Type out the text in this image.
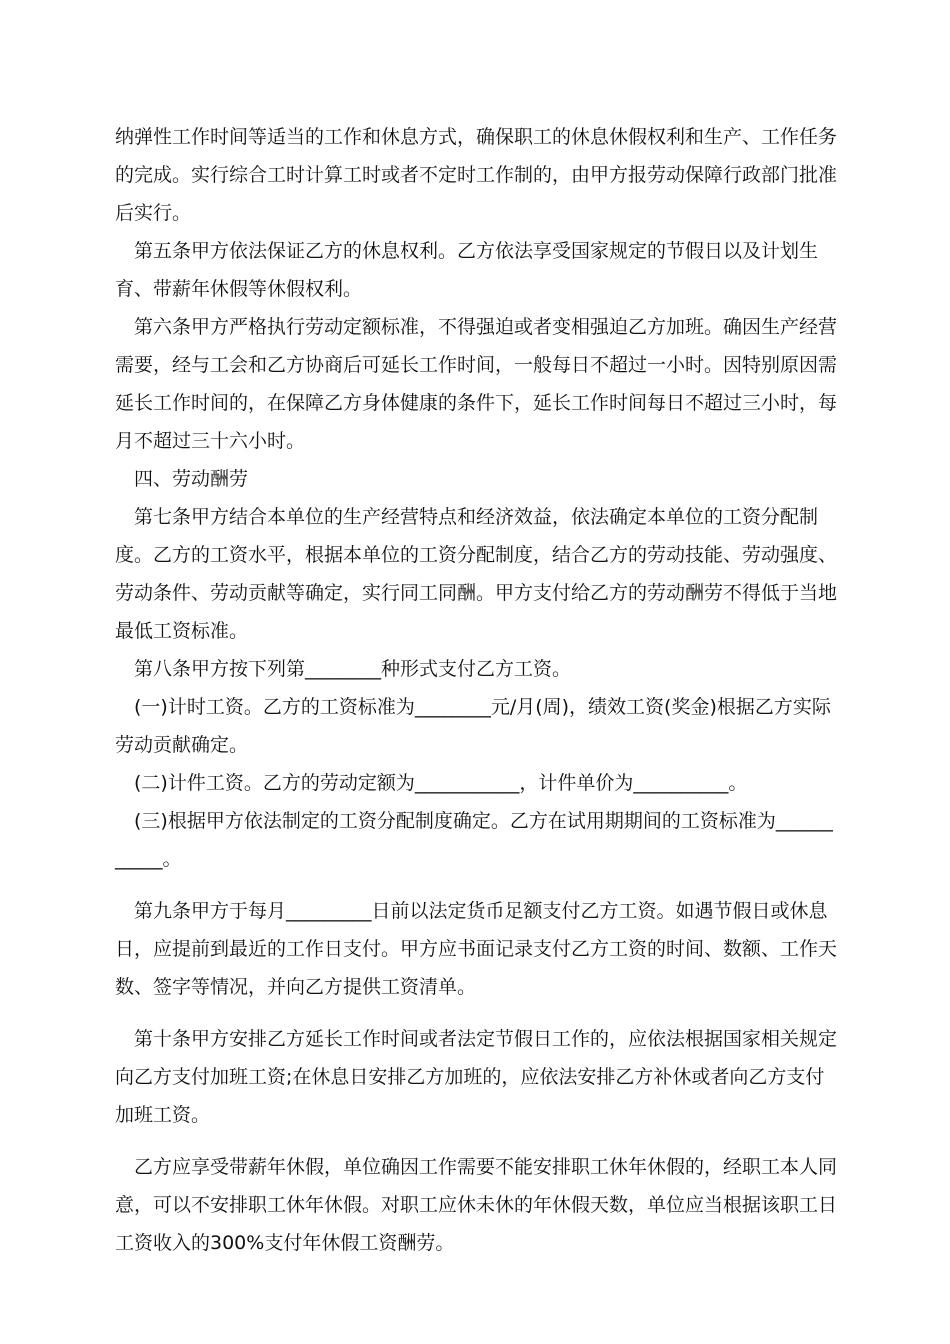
纳弹性工作时间等适当的工作和休息方式，确保职工的休息休假权利和生产、工作任务的完成。实行综合工时计算工时或者不定时工作制的，由甲方报劳动保障行政部门批准后实行。

　第五条甲方依法保证乙方的休息权利。乙方依法享受国家规定的节假日以及计划生育、带薪年休假等休假权利。

　第六条甲方严格执行劳动定额标准，不得强迫或者变相强迫乙方加班。确因生产经营需要，经与工会和乙方协商后可延长工作时间，一般每日不超过一小时。因特别原因需延长工作时间的，在保障乙方身体健康的条件下，延长工作时间每日不超过三小时，每月不超过三十六小时。

　四、劳动酬劳

　第七条甲方结合本单位的生产经营特点和经济效益，依法确定本单位的工资分配制度。乙方的工资水平，根据本单位的工资分配制度，结合乙方的劳动技能、劳动强度、劳动条件、劳动贡献等确定，实行同工同酬。甲方支付给乙方的劳动酬劳不得低于当地最低工资标准。

　第八条甲方按下列第________种形式支付乙方工资。

　(一)计时工资。乙方的工资标准为________元/月(周)，绩效工资(奖金)根据乙方实际劳动贡献确定。

　(二)计件工资。乙方的劳动定额为___________，计件单价为__________。

　(三)根据甲方依法制定的工资分配制度确定。乙方在试用期期间的工资标准为___________。

　第九条甲方于每月_________日前以法定货币足额支付乙方工资。如遇节假日或休息日，应提前到最近的工作日支付。甲方应书面记录支付乙方工资的时间、数额、工作天数、签字等情况，并向乙方提供工资清单。

　第十条甲方安排乙方延长工作时间或者法定节假日工作的，应依法根据国家相关规定向乙方支付加班工资;在休息日安排乙方加班的，应依法安排乙方补休或者向乙方支付加班工资。

　乙方应享受带薪年休假，单位确因工作需要不能安排职工休年休假的，经职工本人同意，可以不安排职工休年休假。对职工应休未休的年休假天数，单位应当根据该职工日工资收入的300%支付年休假工资酬劳。
